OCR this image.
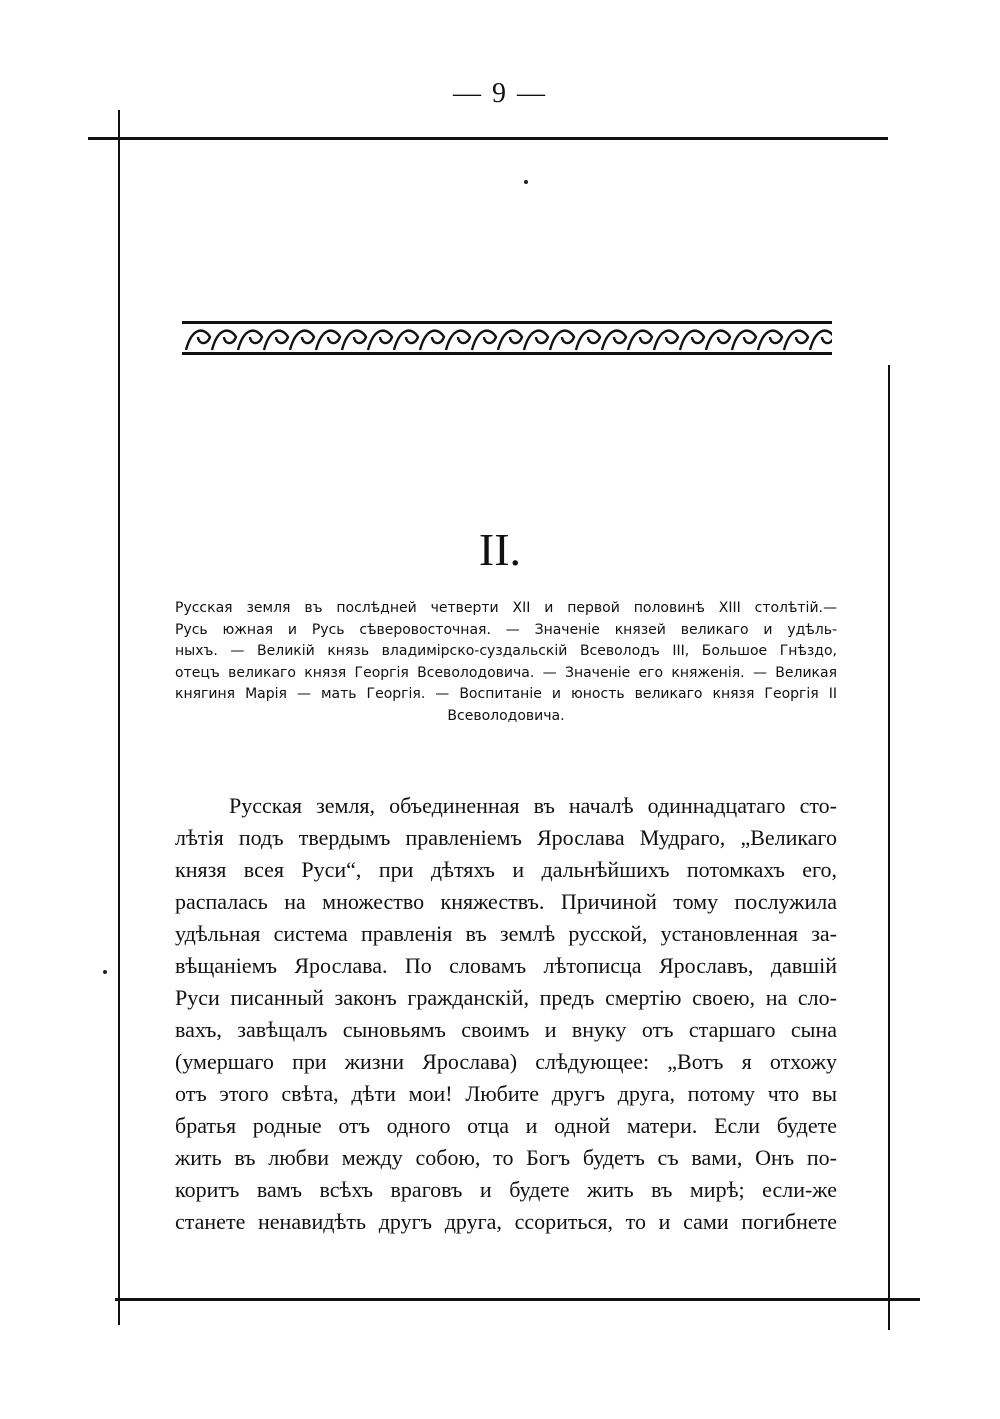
— 9 —
II.
Русская земля въ послѣдней четверти XII и первой половинѣ XIII столѣтій.—
Русь южная и Русь сѣверовосточная. — Значеніе князей великаго и удѣль-
ныхъ. — Великій князь владимірско-суздальскій Всеволодъ III, Большое Гнѣздо,
отецъ великаго князя Георгія Всеволодовича. — Значеніе его княженія. — Великая
княгиня Марія — мать Георгія. — Воспитаніе и юность великаго князя Георгія II
Всеволодовича.
Русская земля, объединенная въ началѣ одиннадцатаго сто-
лѣтія подъ твердымъ правленіемъ Ярослава Мудраго, „Великаго
князя всея Руси“, при дѣтяхъ и дальнѣйшихъ потомкахъ его,
распалась на множество княжествъ. Причиной тому послужила
удѣльная система правленія въ землѣ русской, установленная за-
вѣщаніемъ Ярослава. По словамъ лѣтописца Ярославъ, давшій
Руси писанный законъ гражданскій, предъ смертію своею, на сло-
вахъ, завѣщалъ сыновьямъ своимъ и внуку отъ старшаго сына
(умершаго при жизни Ярослава) слѣдующее: „Вотъ я отхожу
отъ этого свѣта, дѣти мои! Любите другъ друга, потому что вы
братья родные отъ одного отца и одной матери. Если будете
жить въ любви между собою, то Богъ будетъ съ вами, Онъ по-
коритъ вамъ всѣхъ враговъ и будете жить въ мирѣ; если-же
станете ненавидѣть другъ друга, ссориться, то и сами погибнете
